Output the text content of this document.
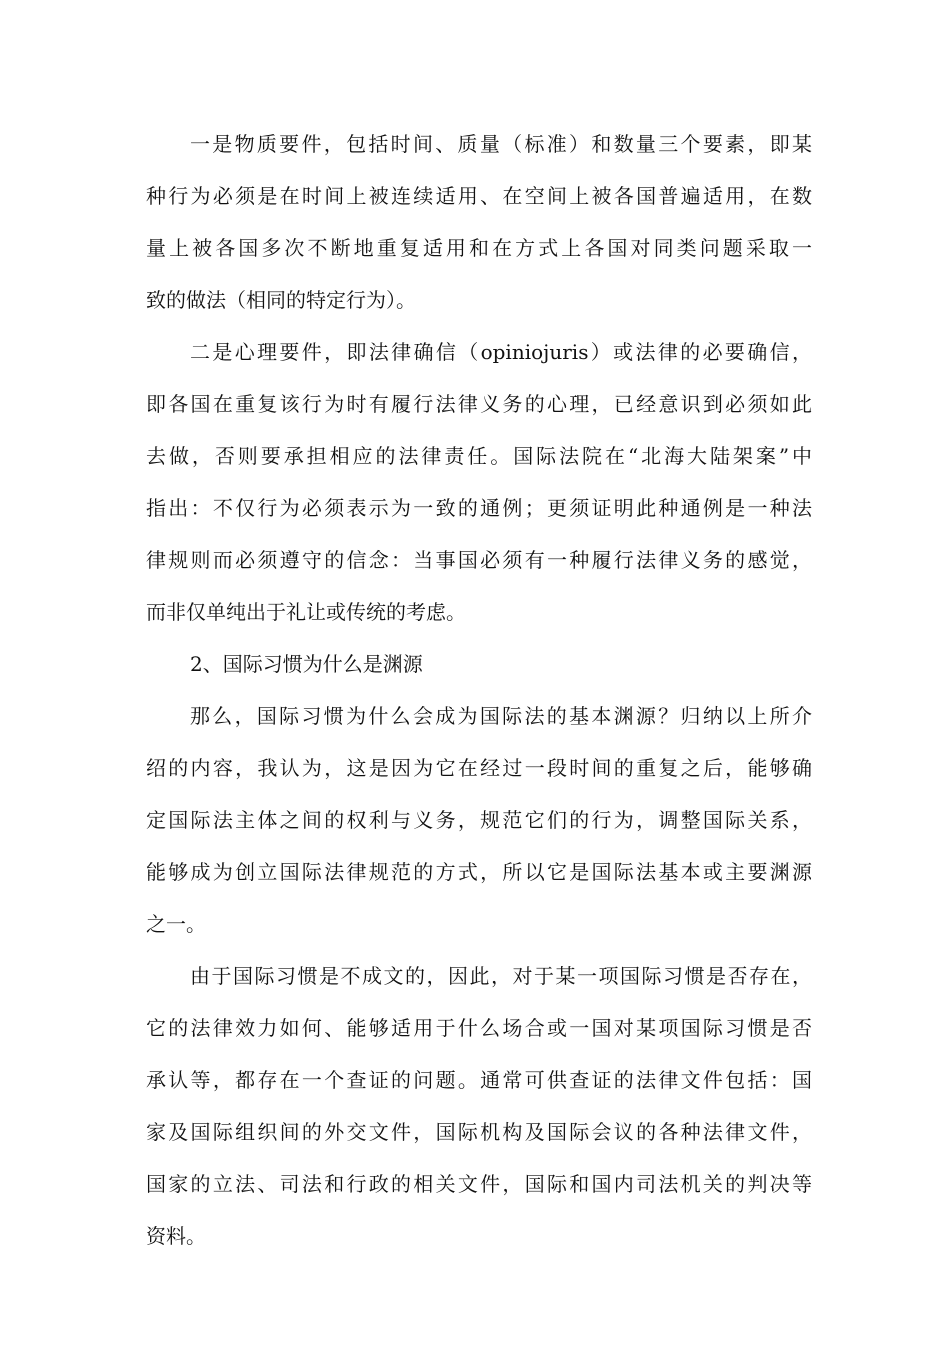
一是物质要件，包括时间、质量（标准）和数量三个要素，即某
种行为必须是在时间上被连续适用、在空间上被各国普遍适用，在数
量上被各国多次不断地重复适用和在方式上各国对同类问题采取一
致的做法（相同的特定行为）。
二是心理要件，即法律确信（opiniojuris）或法律的必要确信，
即各国在重复该行为时有履行法律义务的心理，已经意识到必须如此
去做，否则要承担相应的法律责任。国际法院在“北海大陆架案”中
指出：不仅行为必须表示为一致的通例；更须证明此种通例是一种法
律规则而必须遵守的信念：当事国必须有一种履行法律义务的感觉，
而非仅单纯出于礼让或传统的考虑。
2、国际习惯为什么是渊源
那么，国际习惯为什么会成为国际法的基本渊源？归纳以上所介
绍的内容，我认为，这是因为它在经过一段时间的重复之后，能够确
定国际法主体之间的权利与义务，规范它们的行为，调整国际关系，
能够成为创立国际法律规范的方式，所以它是国际法基本或主要渊源
之一。
由于国际习惯是不成文的，因此，对于某一项国际习惯是否存在，
它的法律效力如何、能够适用于什么场合或一国对某项国际习惯是否
承认等，都存在一个查证的问题。通常可供查证的法律文件包括：国
家及国际组织间的外交文件，国际机构及国际会议的各种法律文件，
国家的立法、司法和行政的相关文件，国际和国内司法机关的判决等
资料。
